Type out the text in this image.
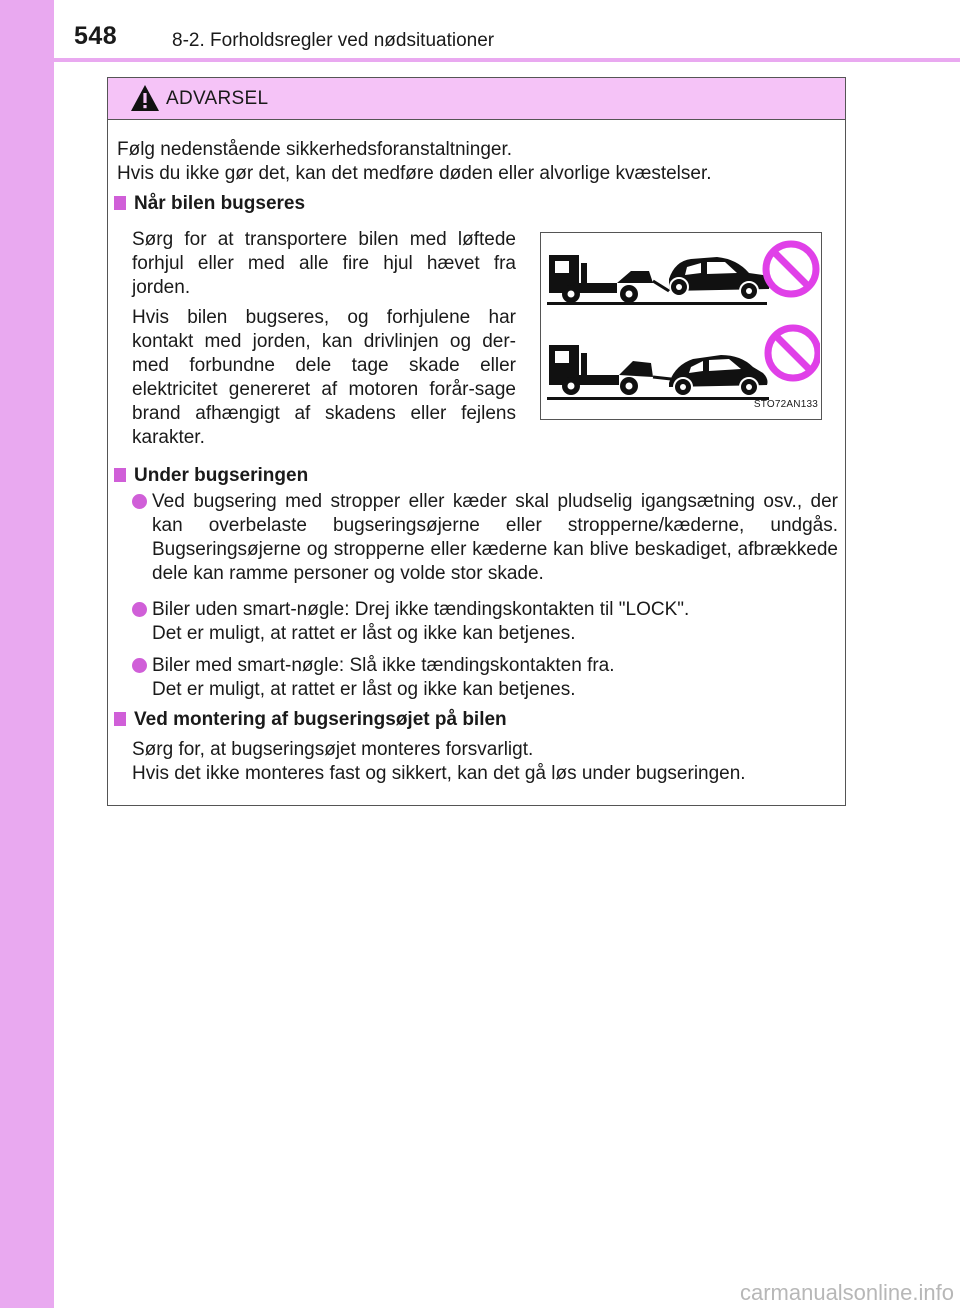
548	8-2. Forholdsregler ved nødsituationer
ADVARSEL
Følg nedenstående sikkerhedsforanstaltninger.
Hvis du ikke gør det, kan det medføre døden eller alvorlige kvæstelser.
Når bilen bugseres
Sørg for at transportere bilen med løftede forhjul eller med alle fire hjul hævet fra jorden.
Hvis bilen bugseres, og forhjulene har kontakt med jorden, kan drivlinjen og der-med forbundne dele tage skade eller elektricitet genereret af motoren forår-sage brand afhængigt af skadens eller fejlens karakter.
STO72AN133
Under bugseringen
Ved bugsering med stropper eller kæder skal pludselig igangsætning osv., der kan overbelaste bugseringsøjerne eller stropperne/kæderne, undgås. Bugseringsøjerne og stropperne eller kæderne kan blive beskadiget, afbrækkede dele kan ramme personer og volde stor skade.
Biler uden smart-nøgle: Drej ikke tændingskontakten til "LOCK".
Det er muligt, at rattet er låst og ikke kan betjenes.
Biler med smart-nøgle: Slå ikke tændingskontakten fra.
Det er muligt, at rattet er låst og ikke kan betjenes.
Ved montering af bugseringsøjet på bilen
Sørg for, at bugseringsøjet monteres forsvarligt.
Hvis det ikke monteres fast og sikkert, kan det gå løs under bugseringen.
carmanualsonline.info
